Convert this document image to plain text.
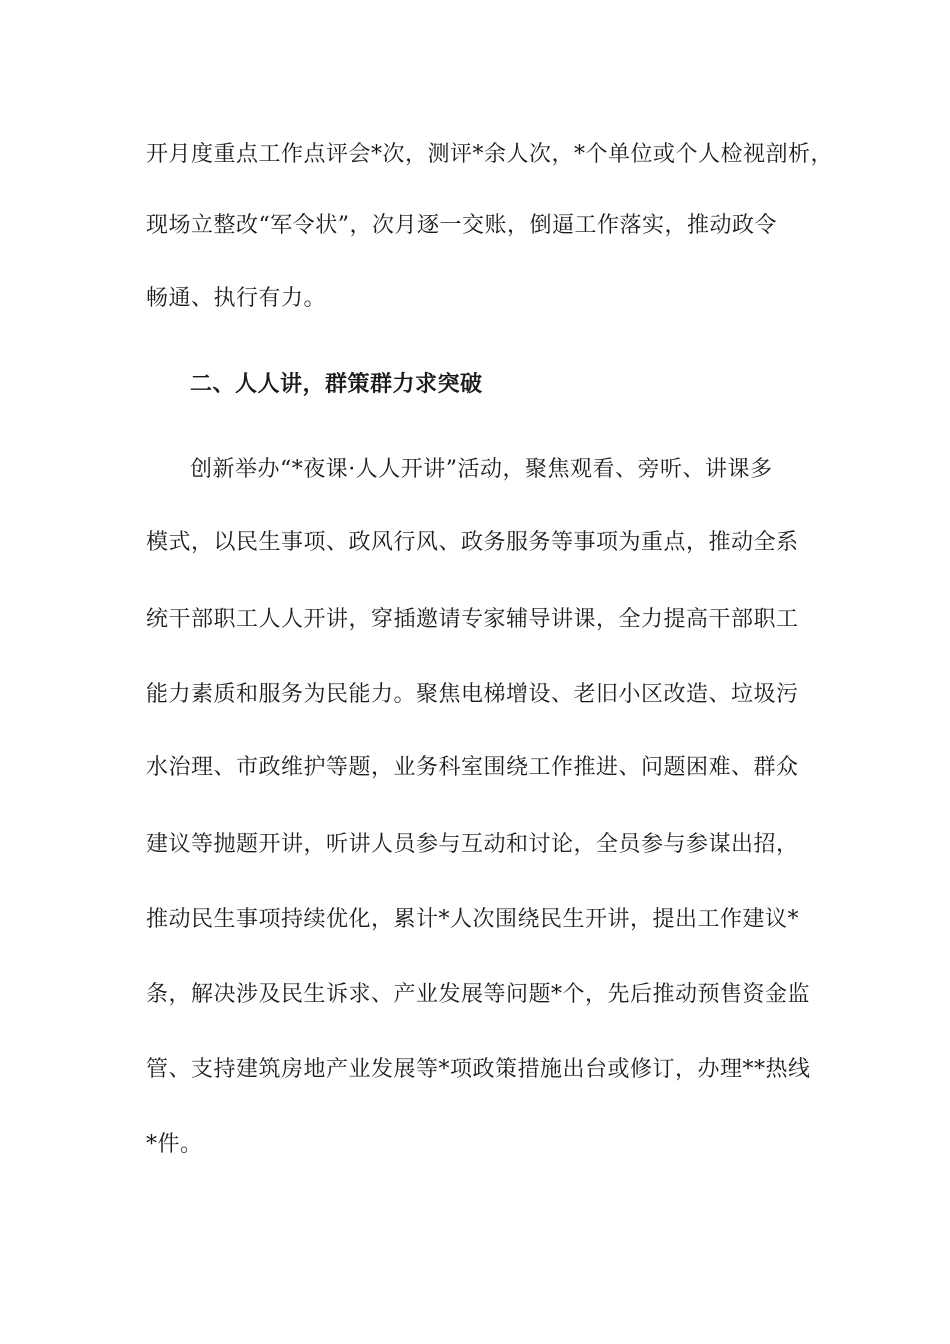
开月度重点工作点评会*次，测评*余人次，*个单位或个人检视剖析，
现场立整改“军令状”，次月逐一交账，倒逼工作落实，推动政令
畅通、执行有力。
二、人人讲，群策群力求突破
创新举办“*夜课·人人开讲”活动，聚焦观看、旁听、讲课多
模式，以民生事项、政风行风、政务服务等事项为重点，推动全系
统干部职工人人开讲，穿插邀请专家辅导讲课，全力提高干部职工
能力素质和服务为民能力。聚焦电梯增设、老旧小区改造、垃圾污
水治理、市政维护等题，业务科室围绕工作推进、问题困难、群众
建议等抛题开讲，听讲人员参与互动和讨论，全员参与参谋出招，
推动民生事项持续优化，累计*人次围绕民生开讲，提出工作建议*
条，解决涉及民生诉求、产业发展等问题*个，先后推动预售资金监
管、支持建筑房地产业发展等*项政策措施出台或修订，办理**热线
*件。
